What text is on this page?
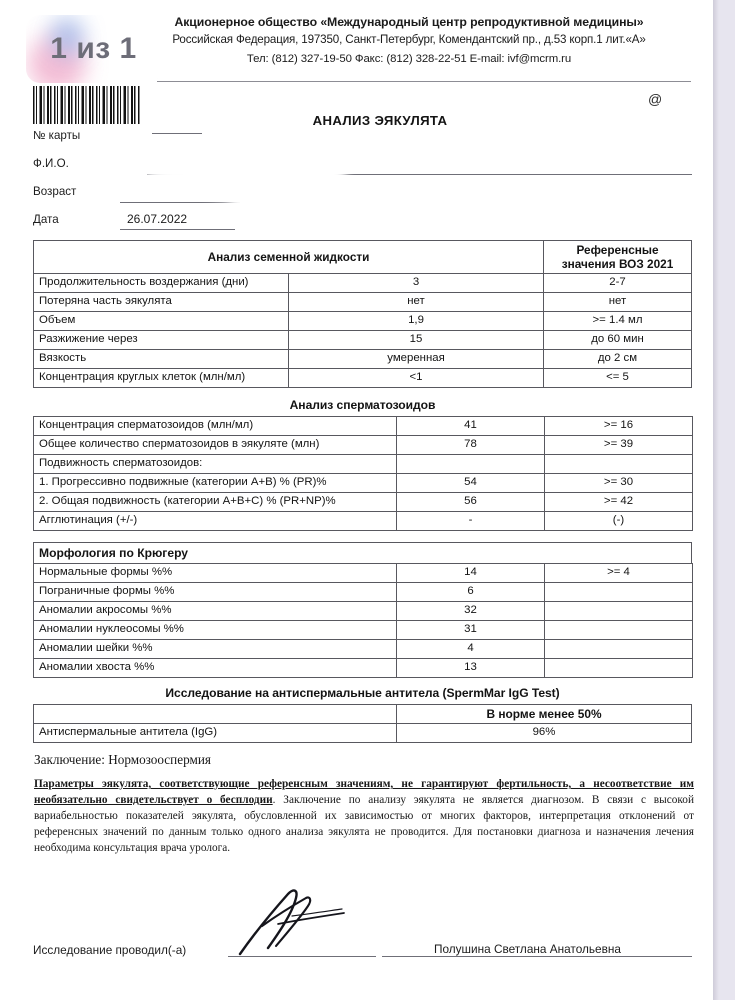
Акционерное общество «Международный центр репродуктивной медицины»
Российская Федерация, 197350, Санкт-Петербург, Комендантский пр., д.53 корп.1 лит.«А»
Тел: (812) 327-19-50 Факс: (812) 328-22-51 E-mail: ivf@mcrm.ru
@
АНАЛИЗ ЭЯКУЛЯТА
№ карты
Ф.И.О.
Возраст
Дата	26.07.2022
Анализ семенной жидкости		Референсные
значения ВОЗ 2021
Продолжительность воздержания (дни)	3	2-7
Потеряна часть эякулята	нет	нет
Объем	1,9	>= 1.4 мл
Разжижение через	15	до 60 мин
Вязкость	умеренная	до 2 см
Концентрация круглых клеток (млн/мл)	<1	<= 5
Анализ сперматозоидов
Концентрация сперматозоидов (млн/мл)	41	>= 16
Общее количество сперматозоидов в эякуляте (млн)	78	>= 39
Подвижность сперматозоидов:		
1. Прогрессивно подвижные (категории А+В) % (PR)%	54	>= 30
2. Общая подвижность (категории А+В+С) % (PR+NP)%	56	>= 42
Агглютинация (+/-)	-	(-)
Морфология по Крюгеру
Нормальные формы %%	14	>= 4
Пограничные формы %%	6	
Аномалии акросомы %%	32	
Аномалии нуклеосомы %%	31	
Аномалии шейки %%	4	
Аномалии хвоста %%	13	
Исследование на антиспермальные антитела (SpermMar IgG Test)
	В норме менее 50%
Антиспермальные антитела (IgG)	96%
Заключение: Нормозооспермия
Параметры эякулята, соответствующие референсным значениям, не гарантируют фертильность, а несоответствие им необязательно свидетельствует о бесплодии. Заключение по анализу эякулята не является диагнозом. В связи с высокой вариабельностью показателей эякулята, обусловленной их зависимостью от многих факторов, интерпретация отклонений от референсных значений по данным только одного анализа эякулята не проводится. Для постановки диагноза и назначения лечения необходима консультация врача уролога.
Исследование проводил(-а)	Полушина Светлана Анатольевна
1 из 1
